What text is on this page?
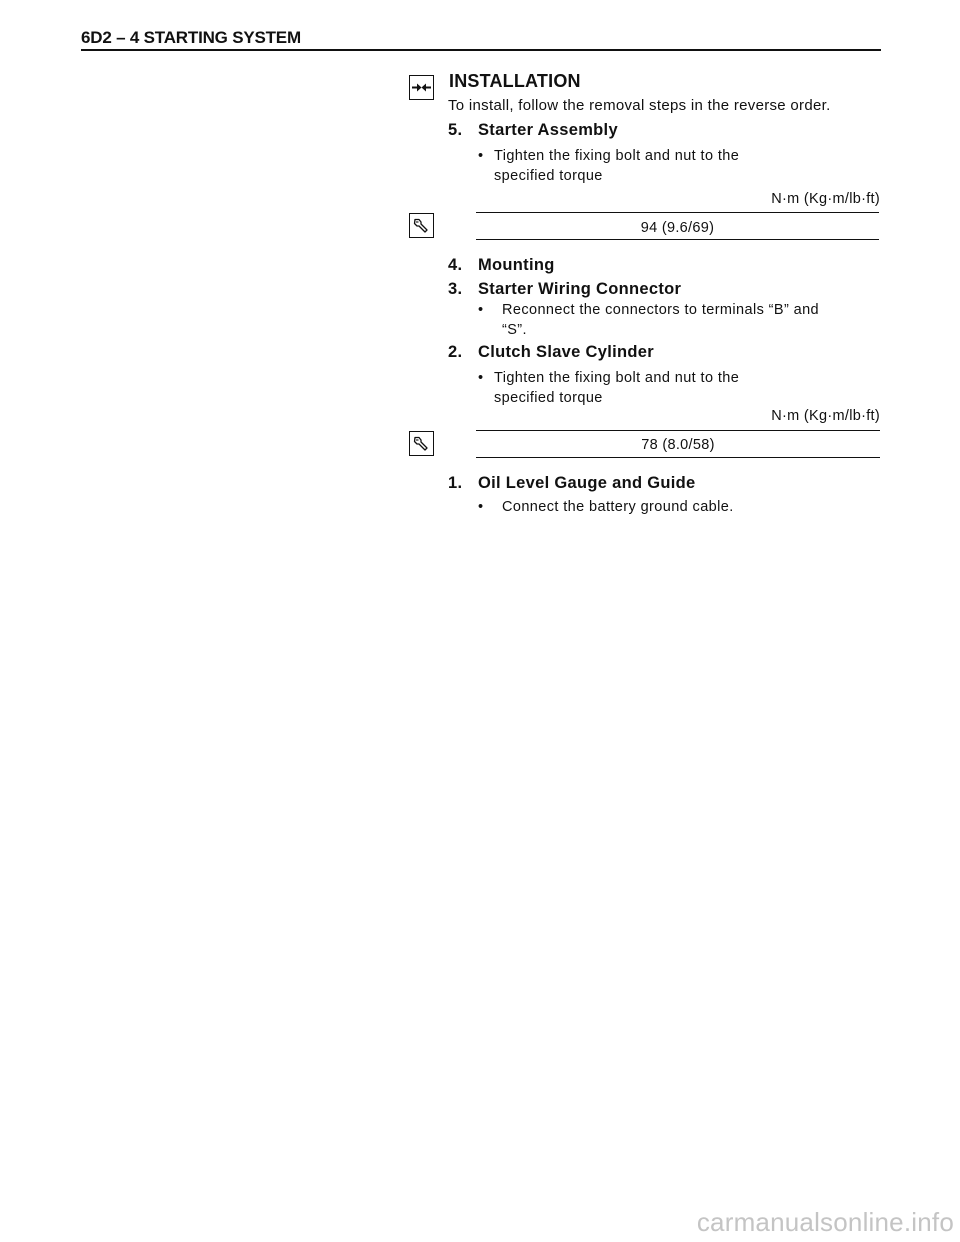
6D2 – 4 STARTING SYSTEM
INSTALLATION
To install, follow the removal steps in the reverse order.
5. Starter Assembly
• Tighten the fixing bolt and nut to the
specified torque
N·m (Kg·m/lb·ft)
94 (9.6/69)
4. Mounting
3. Starter Wiring Connector
• Reconnect the connectors to terminals “B” and
“S”.
2. Clutch Slave Cylinder
• Tighten the fixing bolt and nut to the
specified torque
N·m (Kg·m/lb·ft)
78 (8.0/58)
1. Oil Level Gauge and Guide
• Connect the battery ground cable.
carmanualsonline.info
